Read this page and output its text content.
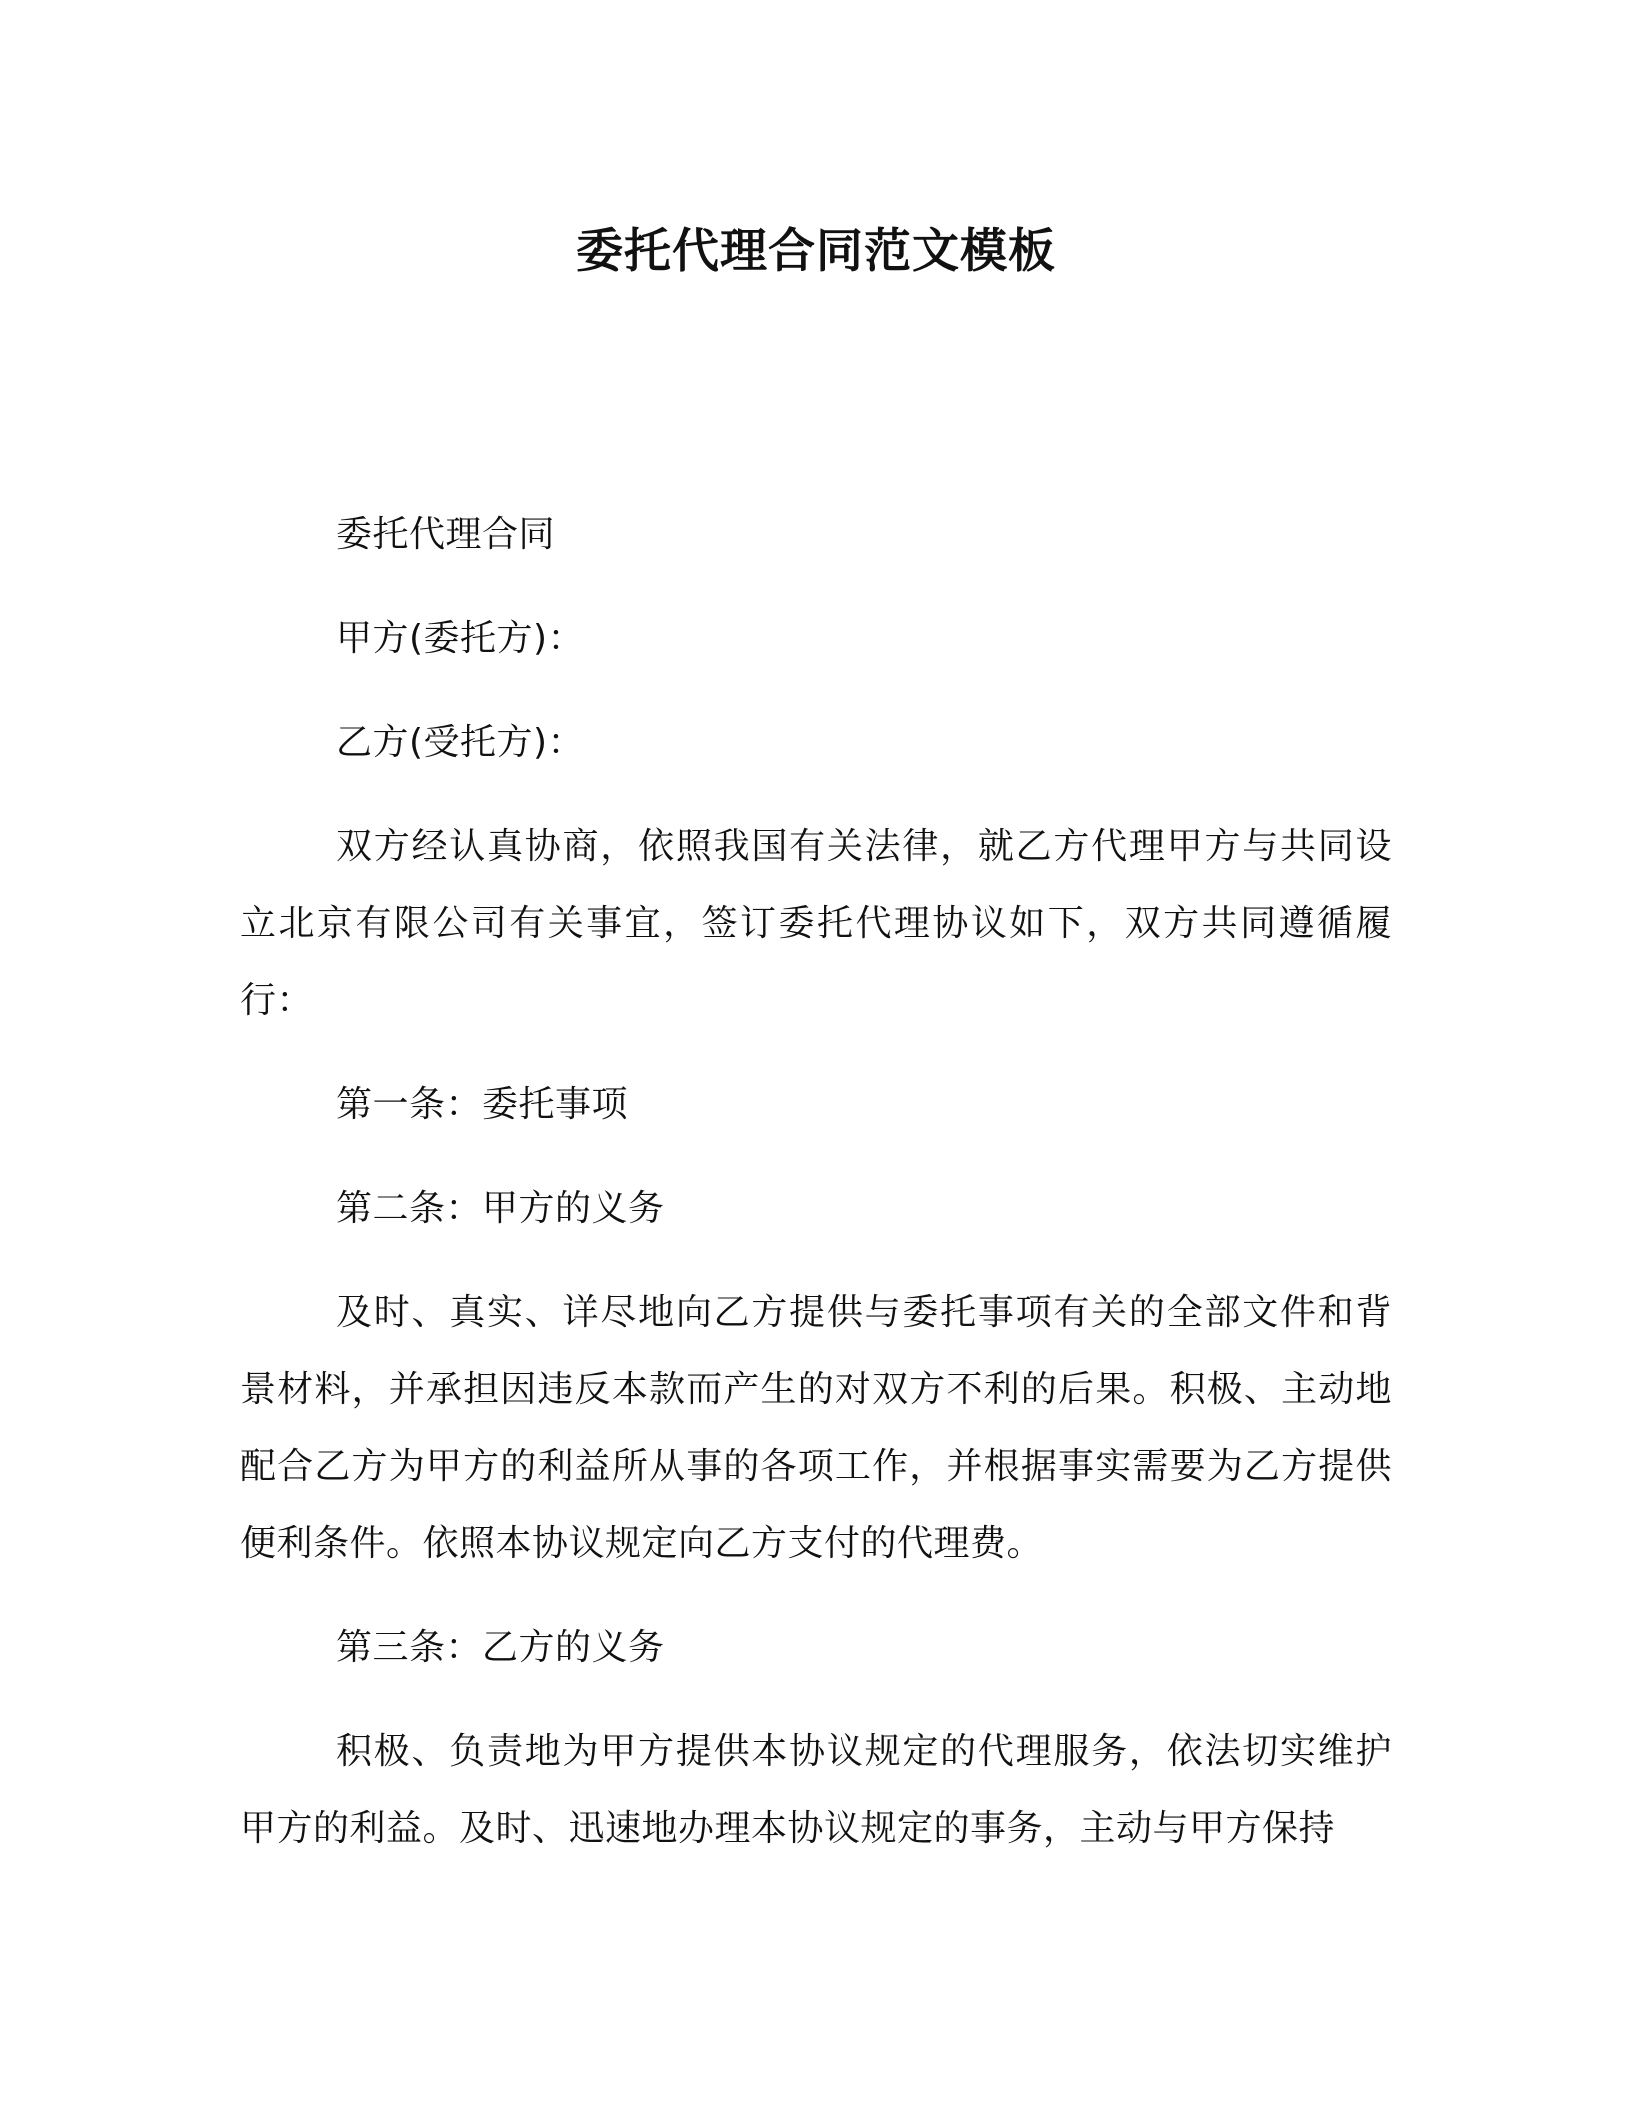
委托代理合同范文模板

委托代理合同

甲方(委托方)：

乙方(受托方)：

双方经认真协商，依照我国有关法律，就乙方代理甲方与共同设立北京有限公司有关事宜，签订委托代理协议如下，双方共同遵循履行：

第一条：委托事项

第二条：甲方的义务

及时、真实、详尽地向乙方提供与委托事项有关的全部文件和背景材料，并承担因违反本款而产生的对双方不利的后果。积极、主动地配合乙方为甲方的利益所从事的各项工作，并根据事实需要为乙方提供便利条件。依照本协议规定向乙方支付的代理费。

第三条：乙方的义务

积极、负责地为甲方提供本协议规定的代理服务，依法切实维护甲方的利益。及时、迅速地办理本协议规定的事务，主动与甲方保持
